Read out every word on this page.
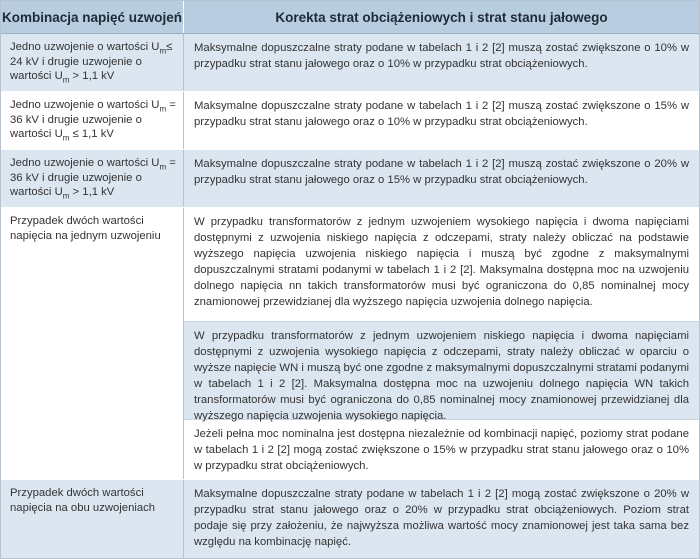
Kombinacja napięć uzwojeń	Korekta strat obciążeniowych i strat stanu jałowego
Jedno uzwojenie o wartości $U_m\le 24$ kV i drugie uzwojenie o wartości $U_m > 1,1$ kV
Maksymalne dopuszczalne straty podane w tabelach 1 i 2 [2] muszą zostać zwiększone o 10% w przypadku strat stanu jałowego oraz o 10% w przypadku strat obciążeniowych.
Jedno uzwojenie o wartości $U_m = 36$ kV i drugie uzwojenie o wartości $U_m \le 1,1$ kV
Maksymalne dopuszczalne straty podane w tabelach 1 i 2 [2] muszą zostać zwiększone o 15% w przypadku strat stanu jałowego oraz o 10% w przypadku strat obciążeniowych.
Jedno uzwojenie o wartości $U_m = 36$ kV i drugie uzwojenie o wartości $U_m > 1,1$ kV
Maksymalne dopuszczalne straty podane w tabelach 1 i 2 [2] muszą zostać zwiększone o 20% w przypadku strat stanu jałowego oraz o 15% w przypadku strat obciążeniowych.
Przypadek dwóch wartości napięcia na jednym uzwojeniu
W przypadku transformatorów z jednym uzwojeniem wysokiego napięcia i dwoma napięciami dostępnymi z uzwojenia niskiego napięcia z odczepami, straty należy obliczać na podstawie wyższego napięcia uzwojenia niskiego napięcia i muszą być zgodne z maksymalnymi dopuszczalnymi stratami podanymi w tabelach 1 i 2 [2]. Maksymalna dostępna moc na uzwojeniu dolnego napięcia nn takich transformatorów musi być ograniczona do 0,85 nominalnej mocy znamionowej przewidzianej dla wyższego napięcia uzwojenia dolnego napięcia.
W przypadku transformatorów z jednym uzwojeniem niskiego napięcia i dwoma napięciami dostępnymi z uzwojenia wysokiego napięcia z odczepami, straty należy obliczać w oparciu o wyższe napięcie WN i muszą być one zgodne z maksymalnymi dopuszczalnymi stratami podanymi w tabelach 1 i 2 [2]. Maksymalna dostępna moc na uzwojeniu dolnego napięcia WN takich transformatorów musi być ograniczona do 0,85 nominalnej mocy znamionowej przewidzianej dla wyższego napięcia uzwojenia wysokiego napięcia.
Jeżeli pełna moc nominalna jest dostępna niezależnie od kombinacji napięć, poziomy strat podane w tabelach 1 i 2 [2] mogą zostać zwiększone o 15% w przypadku strat stanu jałowego oraz o 10% w przypadku strat obciążeniowych.
Przypadek dwóch wartości napięcia na obu uzwojeniach
Maksymalne dopuszczalne straty podane w tabelach 1 i 2 [2] mogą zostać zwiększone o 20% w przypadku strat stanu jałowego oraz o 20% w przypadku strat obciążeniowych. Poziom strat podaje się przy założeniu, że najwyższa możliwa wartość mocy znamionowej jest taka sama bez względu na kombinację napięć.
